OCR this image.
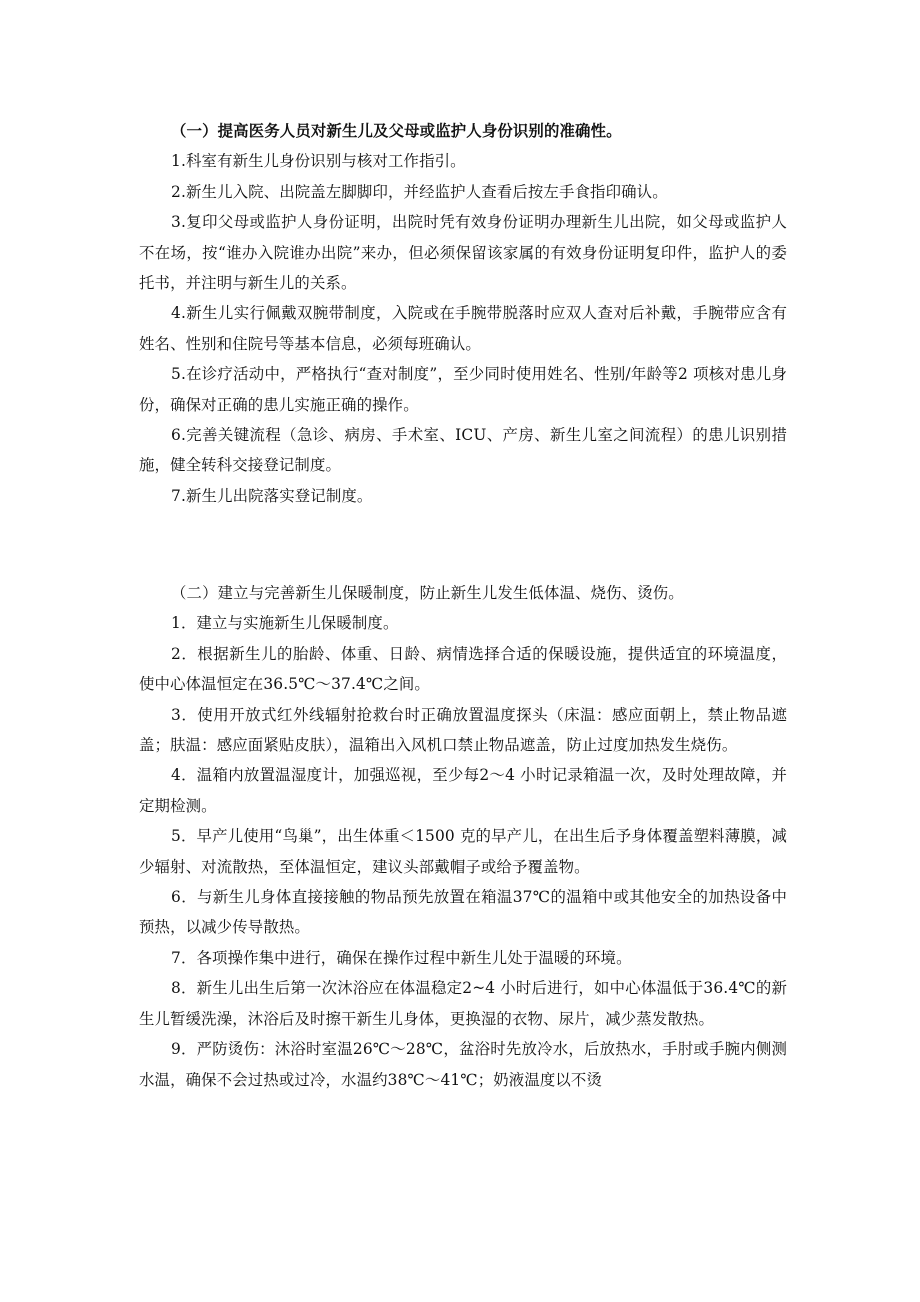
（一）提高医务人员对新生儿及父母或监护人身份识别的准确性。

1.科室有新生儿身份识别与核对工作指引。

2.新生儿入院、出院盖左脚脚印，并经监护人查看后按左手食指印确认。

3.复印父母或监护人身份证明，出院时凭有效身份证明办理新生儿出院，如父母或监护人不在场，按“谁办入院谁办出院”来办，但必须保留该家属的有效身份证明复印件，监护人的委托书，并注明与新生儿的关系。

4.新生儿实行佩戴双腕带制度，入院或在手腕带脱落时应双人查对后补戴，手腕带应含有姓名、性别和住院号等基本信息，必须每班确认。

5.在诊疗活动中，严格执行“查对制度”，至少同时使用姓名、性别/年龄等2 项核对患儿身份，确保对正确的患儿实施正确的操作。

6.完善关键流程（急诊、病房、手术室、ICU、产房、新生儿室之间流程）的患儿识别措施，健全转科交接登记制度。

7.新生儿出院落实登记制度。

（二）建立与完善新生儿保暖制度，防止新生儿发生低体温、烧伤、烫伤。

1．建立与实施新生儿保暖制度。

2．根据新生儿的胎龄、体重、日龄、病情选择合适的保暖设施，提供适宜的环境温度，使中心体温恒定在36.5℃～37.4℃之间。

3．使用开放式红外线辐射抢救台时正确放置温度探头（床温：感应面朝上，禁止物品遮盖；肤温：感应面紧贴皮肤），温箱出入风机口禁止物品遮盖，防止过度加热发生烧伤。

4．温箱内放置温湿度计，加强巡视，至少每2～4 小时记录箱温一次，及时处理故障，并定期检测。

5．早产儿使用“鸟巢”，出生体重＜1500 克的早产儿，在出生后予身体覆盖塑料薄膜，减少辐射、对流散热，至体温恒定，建议头部戴帽子或给予覆盖物。

6．与新生儿身体直接接触的物品预先放置在箱温37℃的温箱中或其他安全的加热设备中预热，以减少传导散热。

7．各项操作集中进行，确保在操作过程中新生儿处于温暖的环境。

8．新生儿出生后第一次沐浴应在体温稳定2~4 小时后进行，如中心体温低于36.4℃的新生儿暂缓洗澡，沐浴后及时擦干新生儿身体，更换湿的衣物、尿片，减少蒸发散热。

9．严防烫伤：沐浴时室温26℃～28℃，盆浴时先放冷水，后放热水，手肘或手腕内侧测水温，确保不会过热或过冷，水温约38℃～41℃；奶液温度以不烫
